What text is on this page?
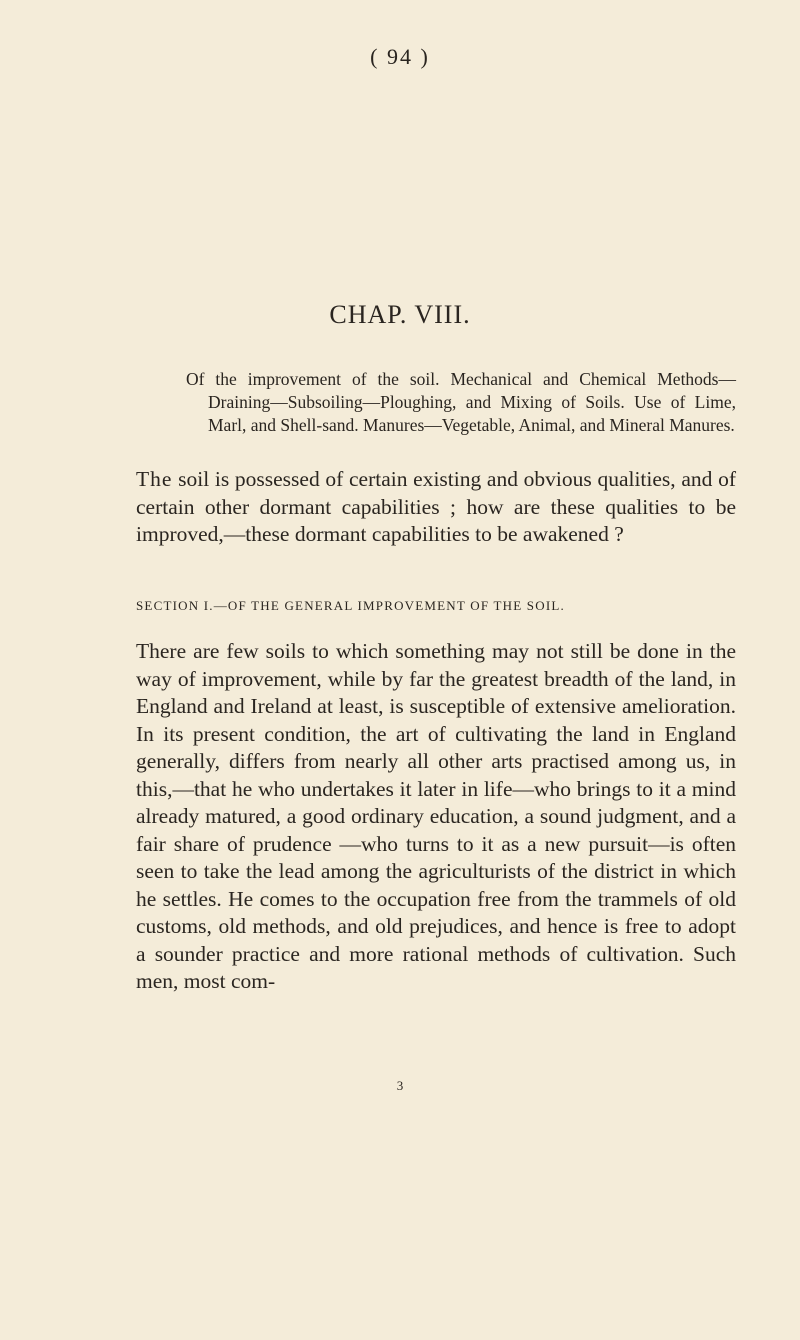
( 94 )
CHAP. VIII.

Of the improvement of the soil. Mechanical and Chemical Methods—Draining—Subsoiling—Ploughing, and Mixing of Soils. Use of Lime, Marl, and Shell-sand. Manures—Vegetable, Animal, and Mineral Manures.

The soil is possessed of certain existing and obvious qualities, and of certain other dormant capabilities ; how are these qualities to be improved,—these dormant capabilities to be awakened ?

SECTION I.—OF THE GENERAL IMPROVEMENT OF THE SOIL.

There are few soils to which something may not still be done in the way of improvement, while by far the greatest breadth of the land, in England and Ireland at least, is susceptible of extensive amelioration. In its present condition, the art of cultivating the land in England generally, differs from nearly all other arts practised among us, in this,—that he who undertakes it later in life—who brings to it a mind already matured, a good ordinary education, a sound judgment, and a fair share of prudence —who turns to it as a new pursuit—is often seen to take the lead among the agriculturists of the district in which he settles. He comes to the occupation free from the trammels of old customs, old methods, and old prejudices, and hence is free to adopt a sounder practice and more rational methods of cultivation. Such men, most com-

3
